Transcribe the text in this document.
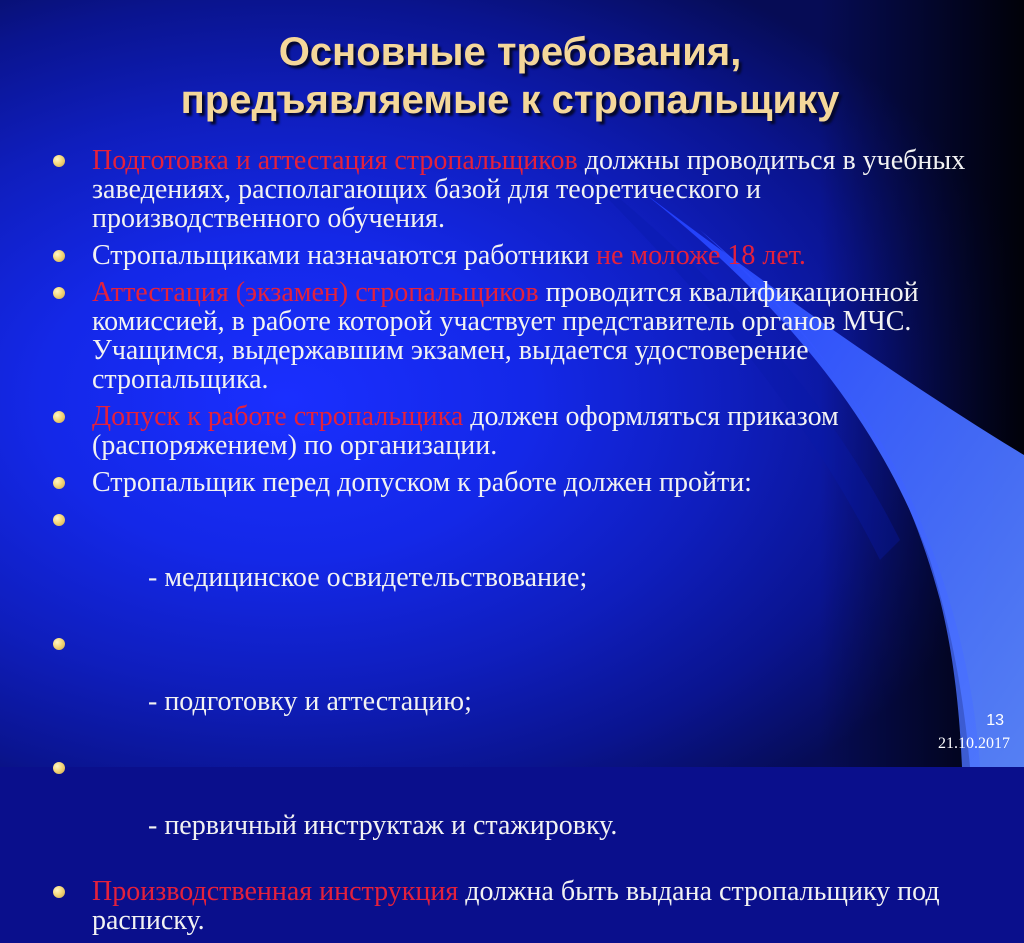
Основные требования,
предъявляемые к стропальщику
Подготовка и аттестация стропальщиков должны проводиться в учебных заведениях, располагающих базой для теоретического и производственного обучения.
Стропальщиками назначаются работники не моложе 18 лет.
Аттестация (экзамен) стропальщиков проводится квалификационной комиссией, в работе которой участвует представитель органов МЧС. Учащимся, выдержавшим экзамен, выдается удостоверение стропальщика.
Допуск к работе стропальщика должен оформляться приказом (распоряжением) по организации.
Стропальщик перед допуском к работе должен пройти:

- медицинское освидетельствование;

- подготовку и аттестацию;

- первичный инструктаж и стажировку.

Производственная инструкция должна быть выдана стропальщику под расписку.
13
21.10.2017
